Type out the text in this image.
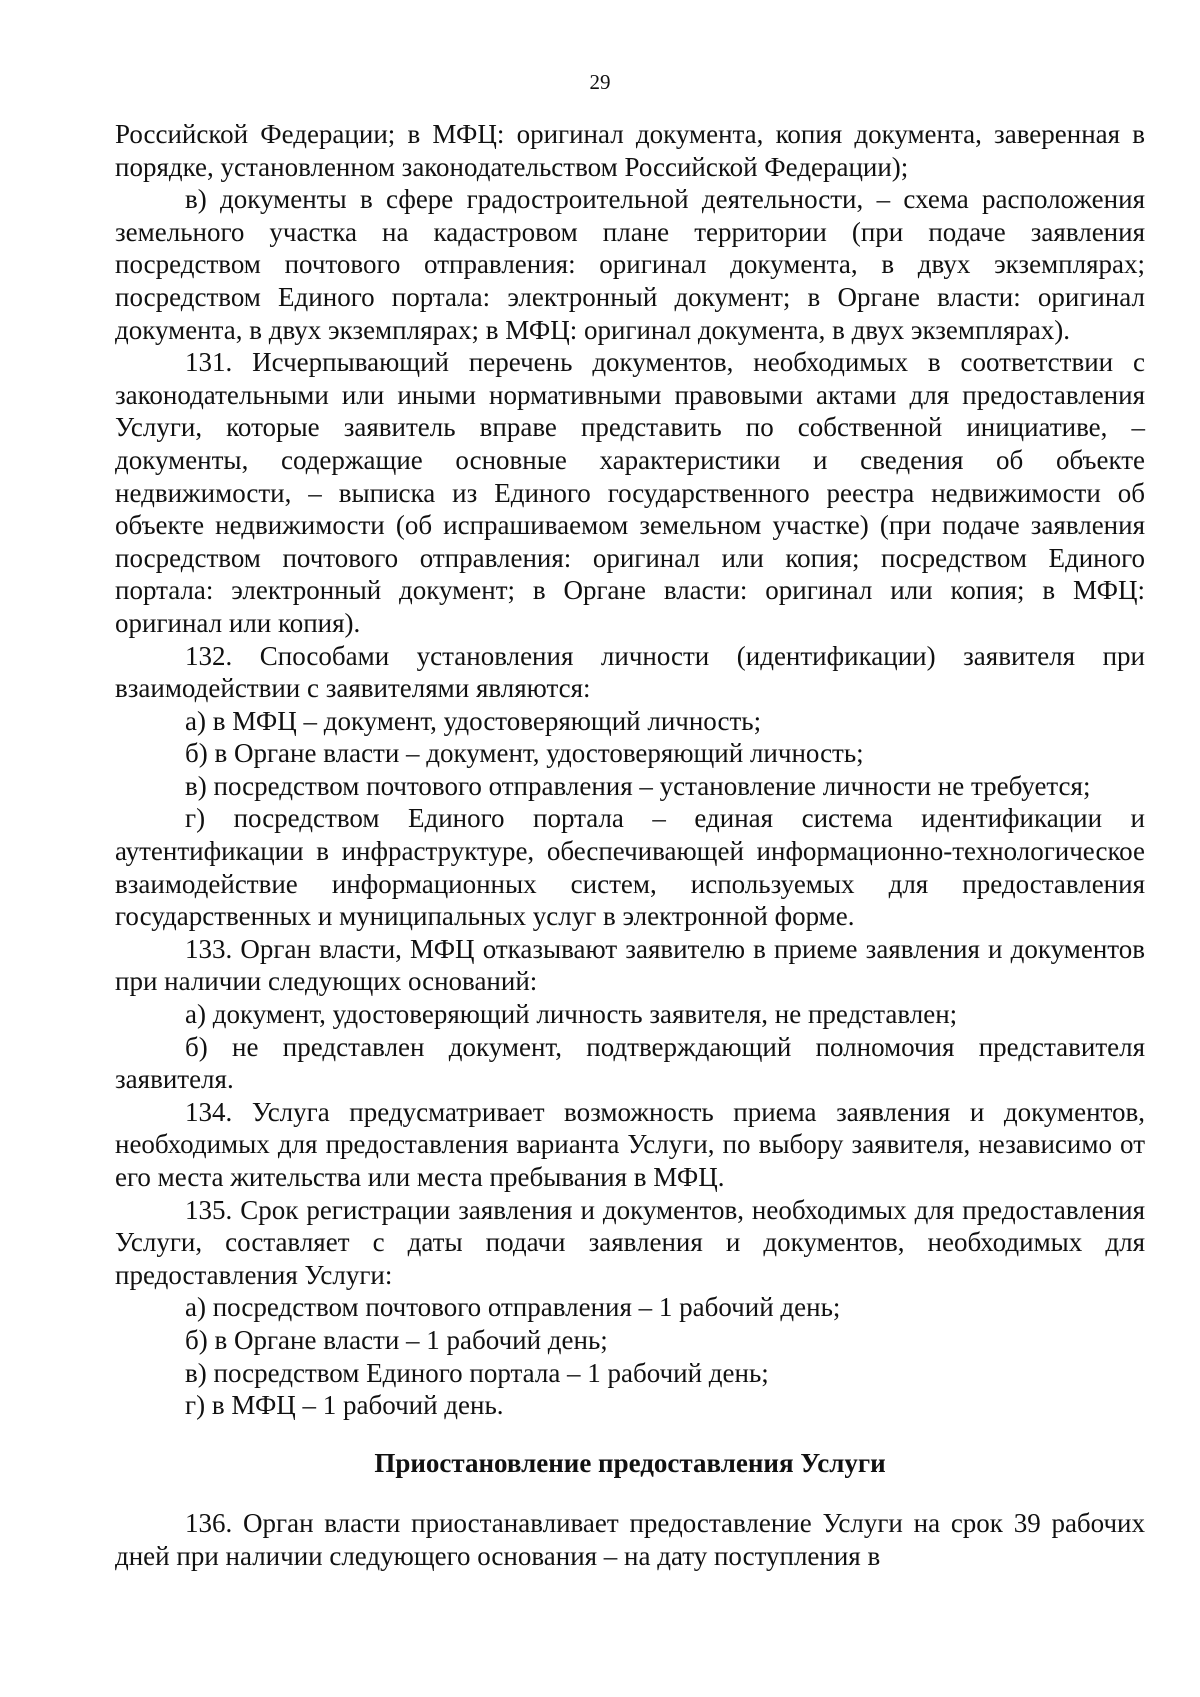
29

Российской Федерации; в МФЦ: оригинал документа, копия документа, заверенная в порядке, установленном законодательством Российской Федерации);

в) документы в сфере градостроительной деятельности, – схема расположения земельного участка на кадастровом плане территории (при подаче заявления посредством почтового отправления: оригинал документа, в двух экземплярах; посредством Единого портала: электронный документ; в Органе власти: оригинал документа, в двух экземплярах; в МФЦ: оригинал документа, в двух экземплярах).

131. Исчерпывающий перечень документов, необходимых в соответствии с законодательными или иными нормативными правовыми актами для предоставления Услуги, которые заявитель вправе представить по собственной инициативе, – документы, содержащие основные характеристики и сведения об объекте недвижимости, – выписка из Единого государственного реестра недвижимости об объекте недвижимости (об испрашиваемом земельном участке) (при подаче заявления посредством почтового отправления: оригинал или копия; посредством Единого портала: электронный документ; в Органе власти: оригинал или копия; в МФЦ: оригинал или копия).

132. Способами установления личности (идентификации) заявителя при взаимодействии с заявителями являются:

а) в МФЦ – документ, удостоверяющий личность;

б) в Органе власти – документ, удостоверяющий личность;

в) посредством почтового отправления – установление личности не требуется;

г) посредством Единого портала – единая система идентификации и аутентификации в инфраструктуре, обеспечивающей информационно-технологическое взаимодействие информационных систем, используемых для предоставления государственных и муниципальных услуг в электронной форме.

133. Орган власти, МФЦ отказывают заявителю в приеме заявления и документов при наличии следующих оснований:

а) документ, удостоверяющий личность заявителя, не представлен;

б) не представлен документ, подтверждающий полномочия представителя заявителя.

134. Услуга предусматривает возможность приема заявления и документов, необходимых для предоставления варианта Услуги, по выбору заявителя, независимо от его места жительства или места пребывания в МФЦ.

135. Срок регистрации заявления и документов, необходимых для предоставления Услуги, составляет с даты подачи заявления и документов, необходимых для предоставления Услуги:

а) посредством почтового отправления – 1 рабочий день;

б) в Органе власти – 1 рабочий день;

в) посредством Единого портала – 1 рабочий день;

г) в МФЦ – 1 рабочий день.

Приостановление предоставления Услуги

136. Орган власти приостанавливает предоставление Услуги на срок 39 рабочих дней при наличии следующего основания – на дату поступления в
